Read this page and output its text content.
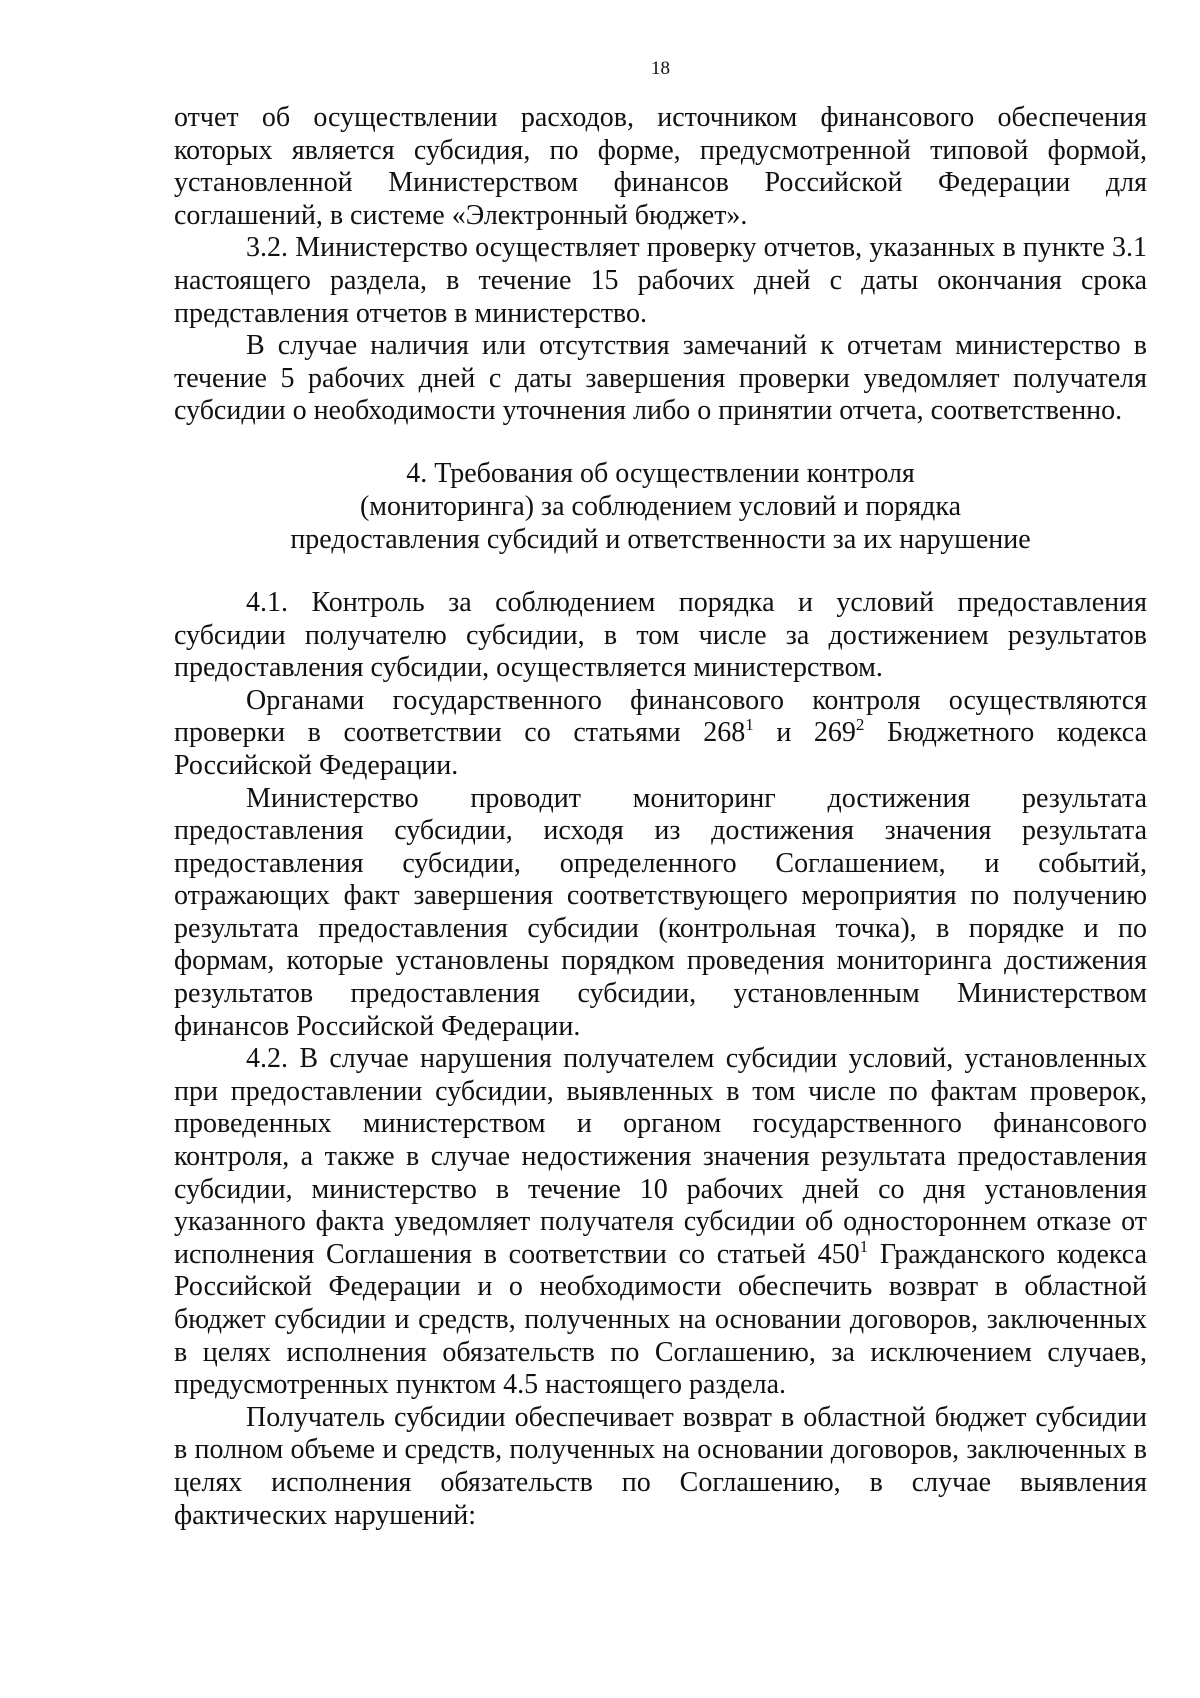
18

отчет об осуществлении расходов, источником финансового обеспечения которых является субсидия, по форме, предусмотренной типовой формой, установленной Министерством финансов Российской Федерации для соглашений, в системе «Электронный бюджет».

3.2. Министерство осуществляет проверку отчетов, указанных в пункте 3.1 настоящего раздела, в течение 15 рабочих дней с даты окончания срока представления отчетов в министерство.

В случае наличия или отсутствия замечаний к отчетам министерство в течение 5 рабочих дней с даты завершения проверки уведомляет получателя субсидии о необходимости уточнения либо о принятии отчета, соответственно.

4. Требования об осуществлении контроля
(мониторинга) за соблюдением условий и порядка
предоставления субсидий и ответственности за их нарушение

4.1. Контроль за соблюдением порядка и условий предоставления субсидии получателю субсидии, в том числе за достижением результатов предоставления субсидии, осуществляется министерством.

Органами государственного финансового контроля осуществляются проверки в соответствии со статьями $268^1$ и $269^2$ Бюджетного кодекса Российской Федерации.

Министерство проводит мониторинг достижения результата предоставления субсидии, исходя из достижения значения результата предоставления субсидии, определенного Соглашением, и событий, отражающих факт завершения соответствующего мероприятия по получению результата предоставления субсидии (контрольная точка), в порядке и по формам, которые установлены порядком проведения мониторинга достижения результатов предоставления субсидии, установленным Министерством финансов Российской Федерации.

4.2. В случае нарушения получателем субсидии условий, установленных при предоставлении субсидии, выявленных в том числе по фактам проверок, проведенных министерством и органом государственного финансового контроля, а также в случае недостижения значения результата предоставления субсидии, министерство в течение 10 рабочих дней со дня установления указанного факта уведомляет получателя субсидии об одностороннем отказе от исполнения Соглашения в соответствии со статьей $450^1$ Гражданского кодекса Российской Федерации и о необходимости обеспечить возврат в областной бюджет субсидии и средств, полученных на основании договоров, заключенных в целях исполнения обязательств по Соглашению, за исключением случаев, предусмотренных пунктом 4.5 настоящего раздела.

Получатель субсидии обеспечивает возврат в областной бюджет субсидии в полном объеме и средств, полученных на основании договоров, заключенных в целях исполнения обязательств по Соглашению, в случае выявления фактических нарушений:
